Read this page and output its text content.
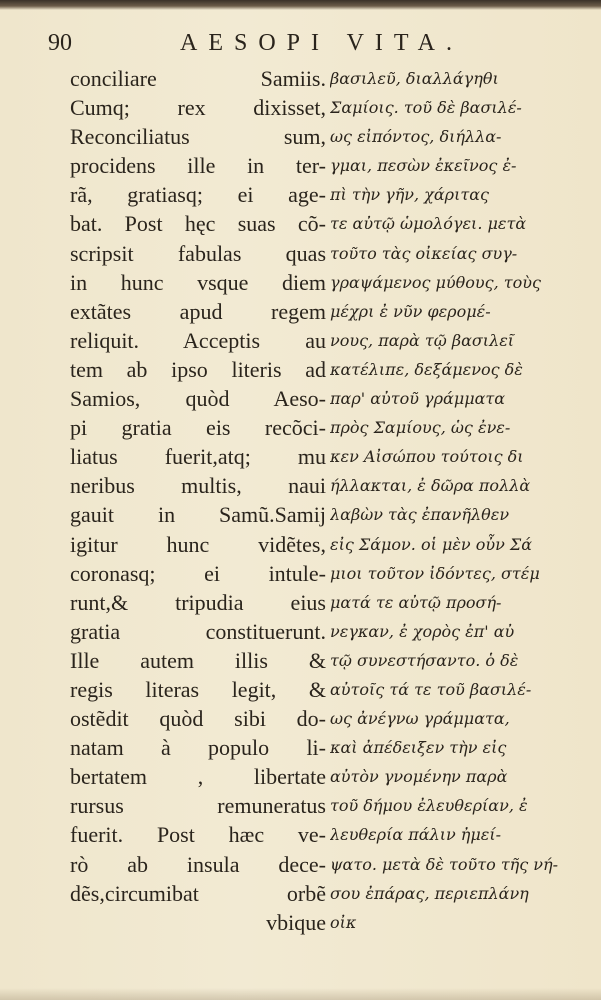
90	AESOPI VITA.
conciliare Samiis.
Cumq; rex dixisset,
Reconciliatus sum,
procidens ille in ter-
rã, gratiasq; ei age-
bat. Post hęc suas cõ-
scripsit fabulas quas
in hunc vsque diem
extãtes apud regem
reliquit. Acceptis au
tem ab ipso literis ad
Samios, quòd Aeso-
pi gratia eis recõci-
liatus fuerit,atq; mu
neribus multis, naui
gauit in Samũ.Samij
igitur hunc vidẽtes,
coronasq; ei intule-
runt,& tripudia eius
gratia constituerunt.
Ille autem illis &
regis literas legit, &
ostẽdit quòd sibi do-
natam à populo li-
bertatem , libertate
rursus remuneratus
fuerit. Post hæc ve-
rò ab insula dece-
dẽs,circumibat orbẽ
vbique
βασιλεῦ, διαλλάγηθι
Σαμίοις. τοῦ δὲ βασιλέ-
ως εἰπόντος, διήλλα-
γμαι, πεσὼν ἐκεῖνος ἐ-
πὶ τὴν γῆν, χάριτας
τε αὐτῷ ὡμολόγει. μετὰ
τοῦτο τὰς οἰκείας συγ-
γραψάμενος μύθους, τοὺς
μέχρι ἐ νῦν φερομέ-
νους, παρὰ τῷ βασιλεῖ
κατέλιπε, δεξάμενος δὲ
παρ' αὐτοῦ γράμματα
πρὸς Σαμίους, ὡς ἐνε-
κεν Αἰσώπου τούτοις δι
ήλλακται, ἐ δῶρα πολλὰ
λαβὼν τὰς ἐπανῆλθεν
εἰς Σάμον. οἱ μὲν οὖν Σά
μιοι τοῦτον ἰδόντες, στέμ
ματά τε αὐτῷ προσή-
νεγκαν, ἐ χορὸς ἐπ' αὐ
τῷ συνεστήσαντο. ὁ δὲ
αὐτοῖς τά τε τοῦ βασιλέ-
ως ἀνέγνω γράμματα,
καὶ ἀπέδειξεν τὴν εἰς
αὐτὸν γνομένην παρὰ
τοῦ δήμου ἐλευθερίαν, ἐ
λευθερία πάλιν ἠμεί-
ψατο. μετὰ δὲ τοῦτο τῆς νή-
σου ἐπάρας, περιεπλάνη
οἰκ
